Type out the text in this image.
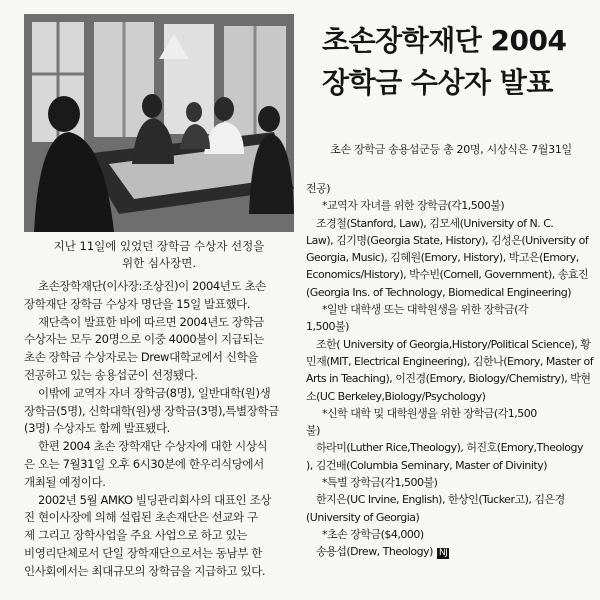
지난 11일에 있었던 장학금 수상자 선정을
위한 심사장면.
초손장학재단 2004
장학금 수상자 발표
초손 장학금 송용섭군등 총 20명, 시상식은 7월31일
초손장학재단(이사장:조상진)이 2004년도 초손
장학재단 장학금 수상자 명단을 15일 발표했다.
재단측이 발표한 바에 따르면 2004년도 장학금
수상자는 모두 20명으로 이중 4000불이 지급되는
초손 장학금 수상자로는 Drew대학교에서 신학을
전공하고 있는 송용섭군이 선정됐다.
이밖에 교역자 자녀 장학금(8명), 일반대학(원)생
장학금(5명), 신학대학(원)생 장학금(3명),특별장학금
(3명) 수상자도 함께 발표됐다.
한편 2004 초손 장학재단 수상자에 대한 시상식
은 오는 7월31일 오후 6시30분에 한우리식당에서
개최될 예정이다.
2002년 5월 AMKO 빌딩관리회사의 대표인 조상
진 현이사장에 의해 설립된 초손재단은 선교와 구
제 그리고 장학사업을 주요 사업으로 하고 있는
비영리단체로서 단일 장학재단으로서는 동남부 한
인사회에서는 최대규모의 장학금을 지급하고 있다.
전공)
*교역자 자녀를 위한 장학금(각1,500불)
조경철(Stanford, Law), 김모세(University of N. C.
Law), 김기명(Georgia State, History), 김성은(University of
Georgia, Music), 김혜원(Emory, History), 박고은(Emory,
Economics/History), 박수빈(Cornell, Government), 송효진
(Georgia Ins. of Technology, Biomedical Engineering)
*일반 대학생 또는 대학원생을 위한 장학금(각
1,500불)
조한( University of Georgia,History/Political Science), 황
민재(MIT, Electrical Engineering), 김한나(Emory, Master of
Arts in Teaching), 이진경(Emory, Biology/Chemistry), 박현
소(UC Berkeley,Biology/Psychology)
*신학 대학 및 대학원생을 위한 장학금(각1,500
불)
하라미(Luther Rice,Theology), 허진호(Emory,Theology
), 김건배(Columbia Seminary, Master of Divinity)
*특별 장학금(각1,500불)
한지은(UC Irvine, English), 한상인(Tucker고), 김은경
(University of Georgia)
*초손 장학금($4,000)
송용섭(Drew, Theology) NJ
